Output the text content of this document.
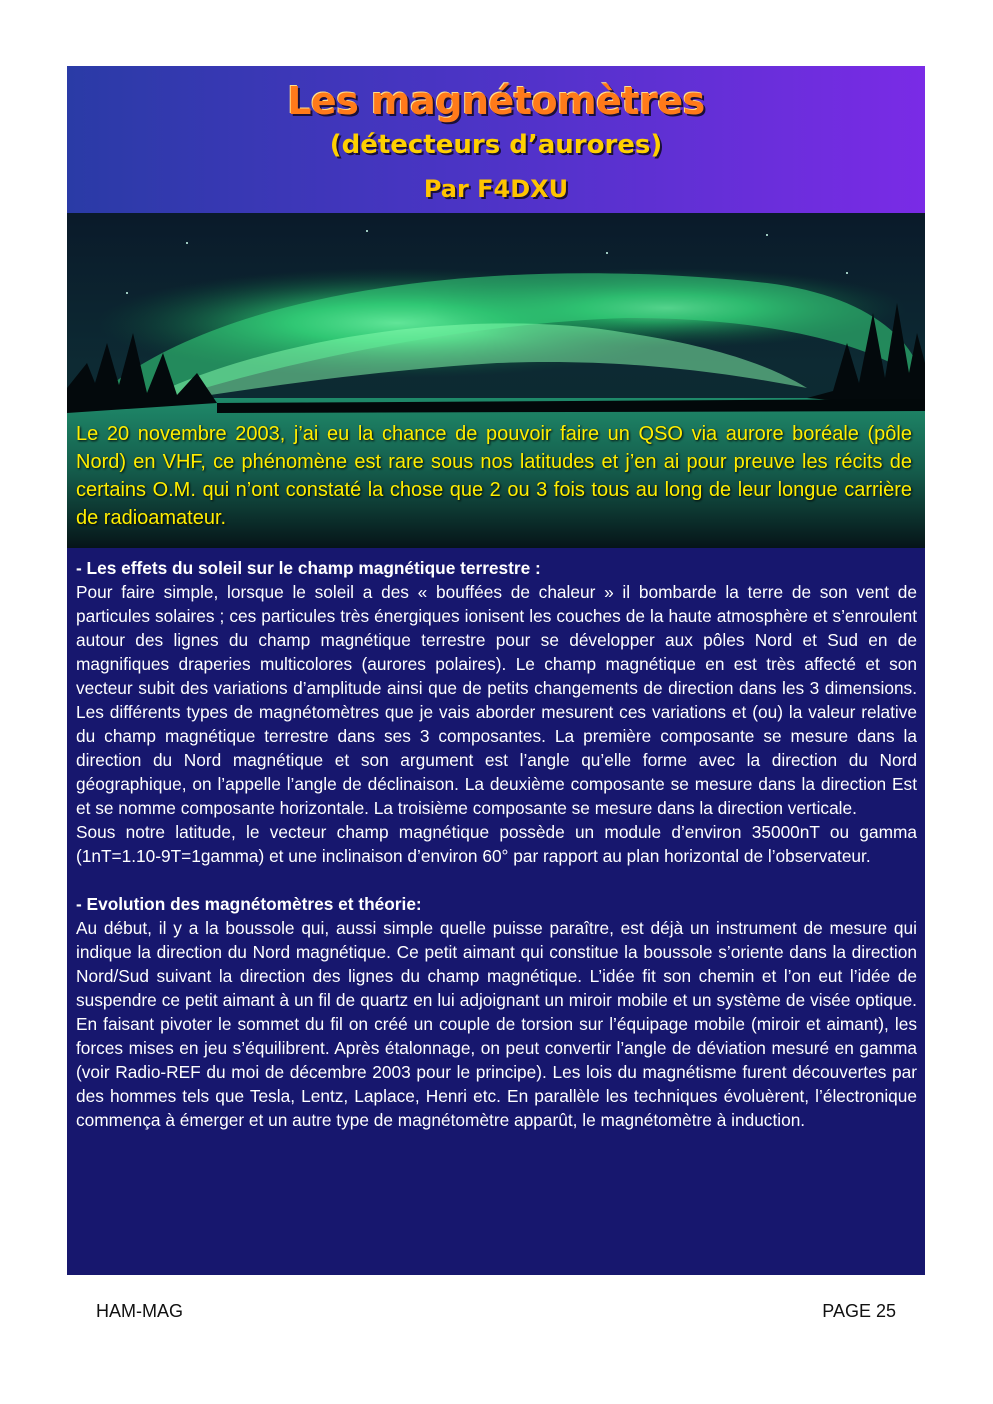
Les magnétomètres
(détecteurs d’aurores)
Par F4DXU

Le 20 novembre 2003, j’ai eu la chance de pouvoir faire un QSO via aurore boréale (pôle Nord) en VHF, ce phénomène est rare sous nos latitudes et j’en ai pour preuve les récits de certains O.M. qui n’ont constaté la chose que 2 ou 3 fois tous au long de leur longue carrière de radioamateur.

- Les effets du soleil sur le champ magnétique terrestre :

Pour faire simple, lorsque le soleil a des « bouffées de chaleur » il bombarde la terre de son vent de particules solaires ; ces particules très énergiques ionisent les couches de la haute atmosphère et s’enroulent autour des lignes du champ magnétique terrestre pour se développer aux pôles Nord et Sud en de magnifiques draperies multicolores (aurores polaires). Le champ magnétique en est très affecté et son vecteur subit des variations d’amplitude ainsi que de petits changements de direction dans les 3 dimensions. Les différents types de magnétomètres que je vais aborder mesurent ces variations et (ou) la valeur relative du champ magnétique terrestre dans ses 3 composantes. La première composante se mesure dans la direction du Nord magnétique et son argument est l’angle qu’elle forme avec la direction du Nord géographique, on l’appelle l’angle de déclinaison. La deuxième composante se mesure dans la direction Est et se nomme composante horizontale. La troisième composante se mesure dans la direction verticale.

Sous notre latitude, le vecteur champ magnétique possède un module d’environ 35000nT ou gamma (1nT=1.10-9T=1gamma) et une inclinaison d’environ 60° par rapport au plan horizontal de l’observateur.

- Evolution des magnétomètres et théorie:

Au début, il y a la boussole qui, aussi simple quelle puisse paraître, est déjà un instrument de mesure qui indique la direction du Nord magnétique. Ce petit aimant qui constitue la boussole s’oriente dans la direction Nord/Sud suivant la direction des lignes du champ magnétique. L’idée fit son chemin et l’on eut l’idée de suspendre ce petit aimant à un fil de quartz en lui adjoignant un miroir mobile et un système de visée optique. En faisant pivoter le sommet du fil on créé un couple de torsion sur l’équipage mobile (miroir et aimant), les forces mises en jeu s’équilibrent. Après étalonnage, on peut convertir l’angle de déviation mesuré en gamma (voir Radio-REF du moi de décembre 2003 pour le principe). Les lois du magnétisme furent découvertes par des hommes tels que Tesla, Lentz, Laplace, Henri etc. En parallèle les techniques évoluèrent, l’électronique commença à émerger et un autre type de magnétomètre apparût, le magnétomètre à induction.

HAM-MAG	PAGE 25
